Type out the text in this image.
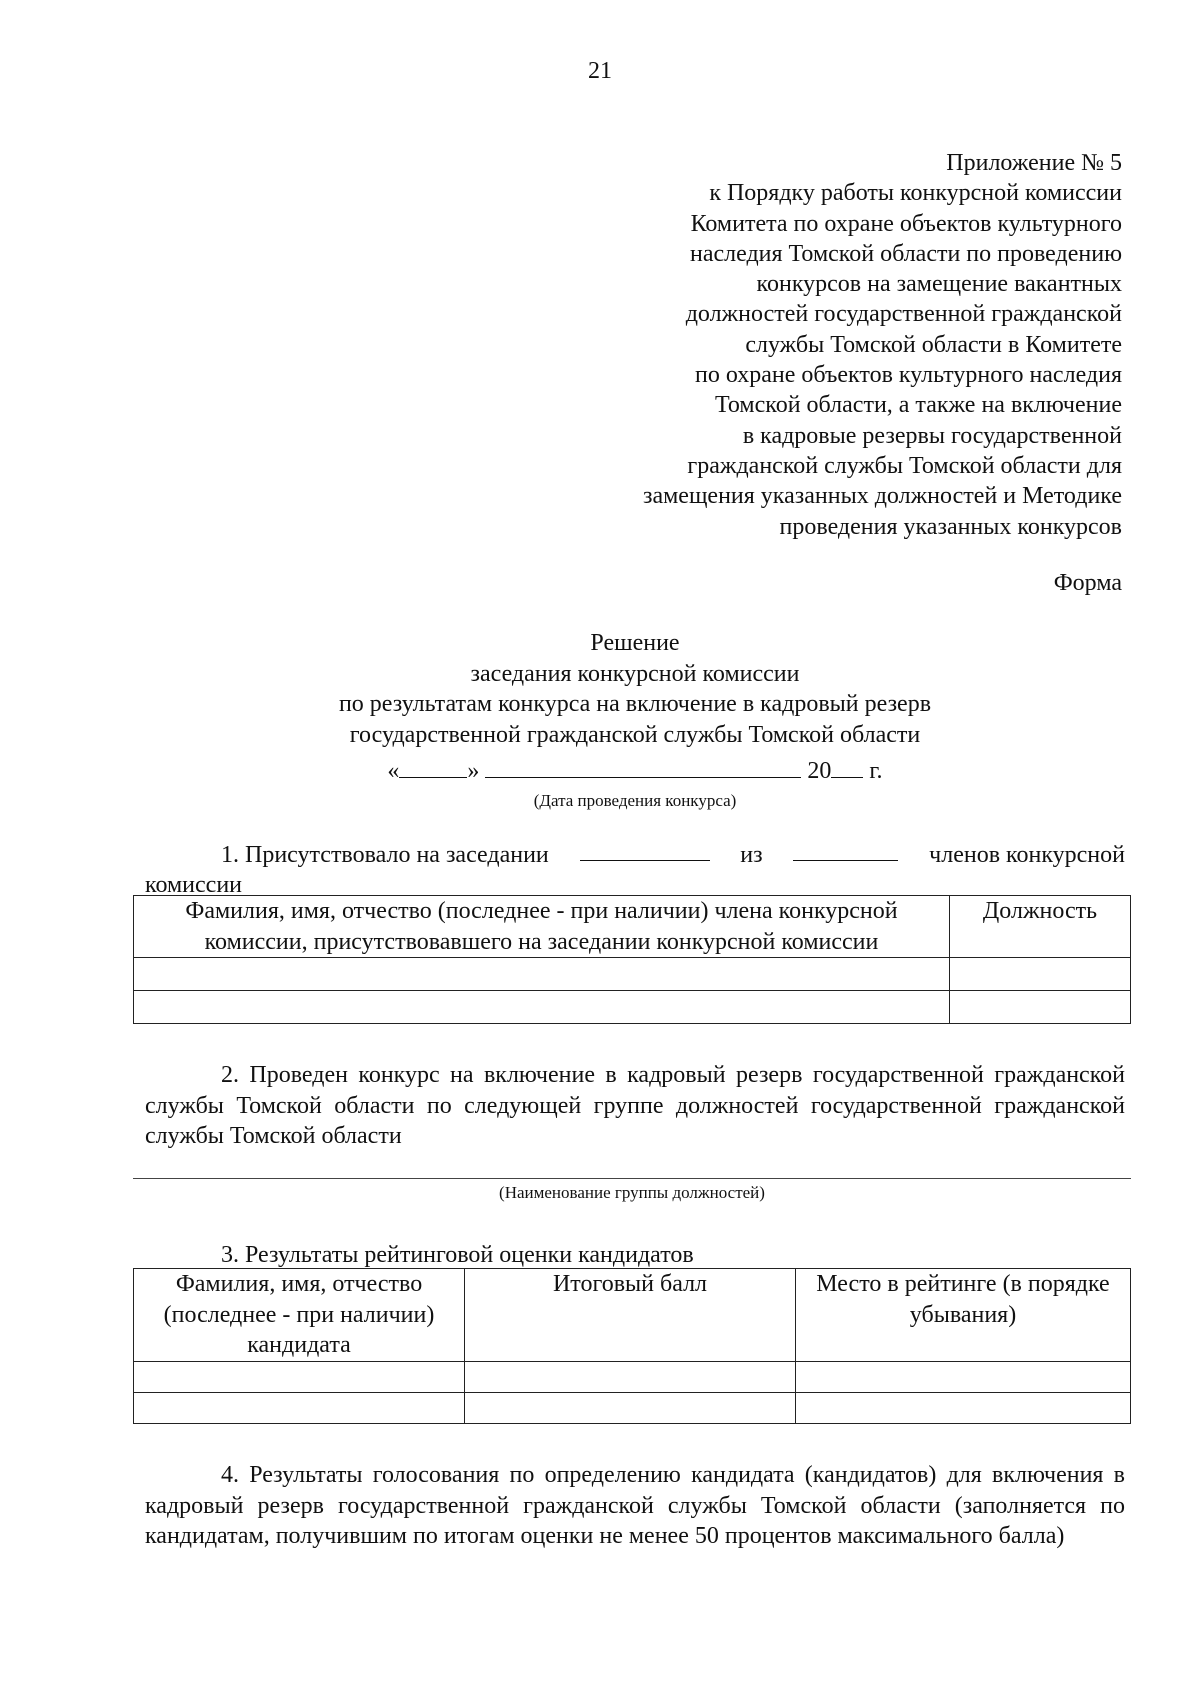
21
Приложение № 5
к Порядку работы конкурсной комиссии
Комитета по охране объектов культурного
наследия Томской области по проведению
конкурсов на замещение вакантных
должностей государственной гражданской
службы Томской области в Комитете
по охране объектов культурного наследия
Томской области, а также на включение
в кадровые резервы государственной
гражданской службы Томской области для
замещения указанных должностей и Методике
проведения указанных конкурсов
Форма
Решение
заседания конкурсной комиссии
по результатам конкурса на включение в кадровый резерв
государственной гражданской службы Томской области
«	»	20 г.
(Дата проведения конкурса)
1. Присутствовало на заседании	из	членов конкурсной
комиссии
Фамилия, имя, отчество (последнее - при наличии) члена конкурсной комиссии, присутствовавшего на заседании конкурсной комиссии	Должность

2. Проведен конкурс на включение в кадровый резерв государственной гражданской службы Томской области по следующей группе должностей государственной гражданской службы Томской области
(Наименование группы должностей)
3. Результаты рейтинговой оценки кандидатов
Фамилия, имя, отчество (последнее - при наличии) кандидата	Итоговый балл	Место в рейтинге (в порядке убывания)

4. Результаты голосования по определению кандидата (кандидатов) для включения в кадровый резерв государственной гражданской службы Томской области (заполняется по кандидатам, получившим по итогам оценки не менее 50 процентов максимального балла)
